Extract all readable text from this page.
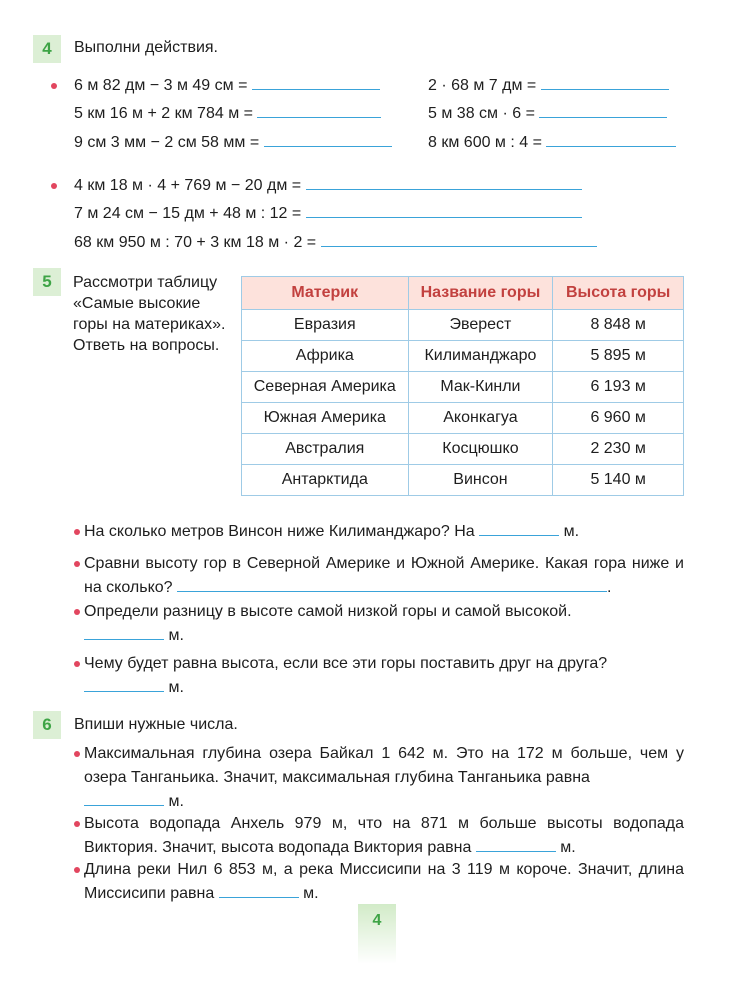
4	Выполни действия.
6 м 82 дм − 3 м 49 см =
5 км 16 м + 2 км 784 м =
9 см 3 мм − 2 см 58 мм =
2 · 68 м 7 дм =
5 м 38 см · 6 =
8 км 600 м : 4 =
4 км 18 м · 4 + 769 м − 20 дм =
7 м 24 см − 15 дм + 48 м : 12 =
68 км 950 м : 70 + 3 км 18 м · 2 =
5	Рассмотри таблицу
«Самые высокие
горы на материках».
Ответь на вопросы.
Материк	Название горы	Высота горы
Евразия	Эверест	8 848 м
Африка	Килиманджаро	5 895 м
Северная Америка	Мак-Кинли	6 193 м
Южная Америка	Аконкагуа	6 960 м
Австралия	Косцюшко	2 230 м
Антарктида	Винсон	5 140 м
На сколько метров Винсон ниже Килиманджаро? На	м.
Сравни высоту гор в Северной Америке и Южной Америке. Какая гора ниже и на сколько?	.
Определи разницу в высоте самой низкой горы и самой высокой.
м.
Чему будет равна высота, если все эти горы поставить друг на друга?
м.
6	Впиши нужные числа.
Максимальная глубина озера Байкал 1 642 м. Это на 172 м больше, чем у озера Танганьика. Значит, максимальная глубина Танганьика равна
м.
Высота водопада Анхель 979 м, что на 871 м больше высоты водопада Виктория. Значит, высота водопада Виктория равна	м.
Длина реки Нил 6 853 м, а река Миссисипи на 3 119 м короче. Значит, длина Миссисипи равна	м.
4
